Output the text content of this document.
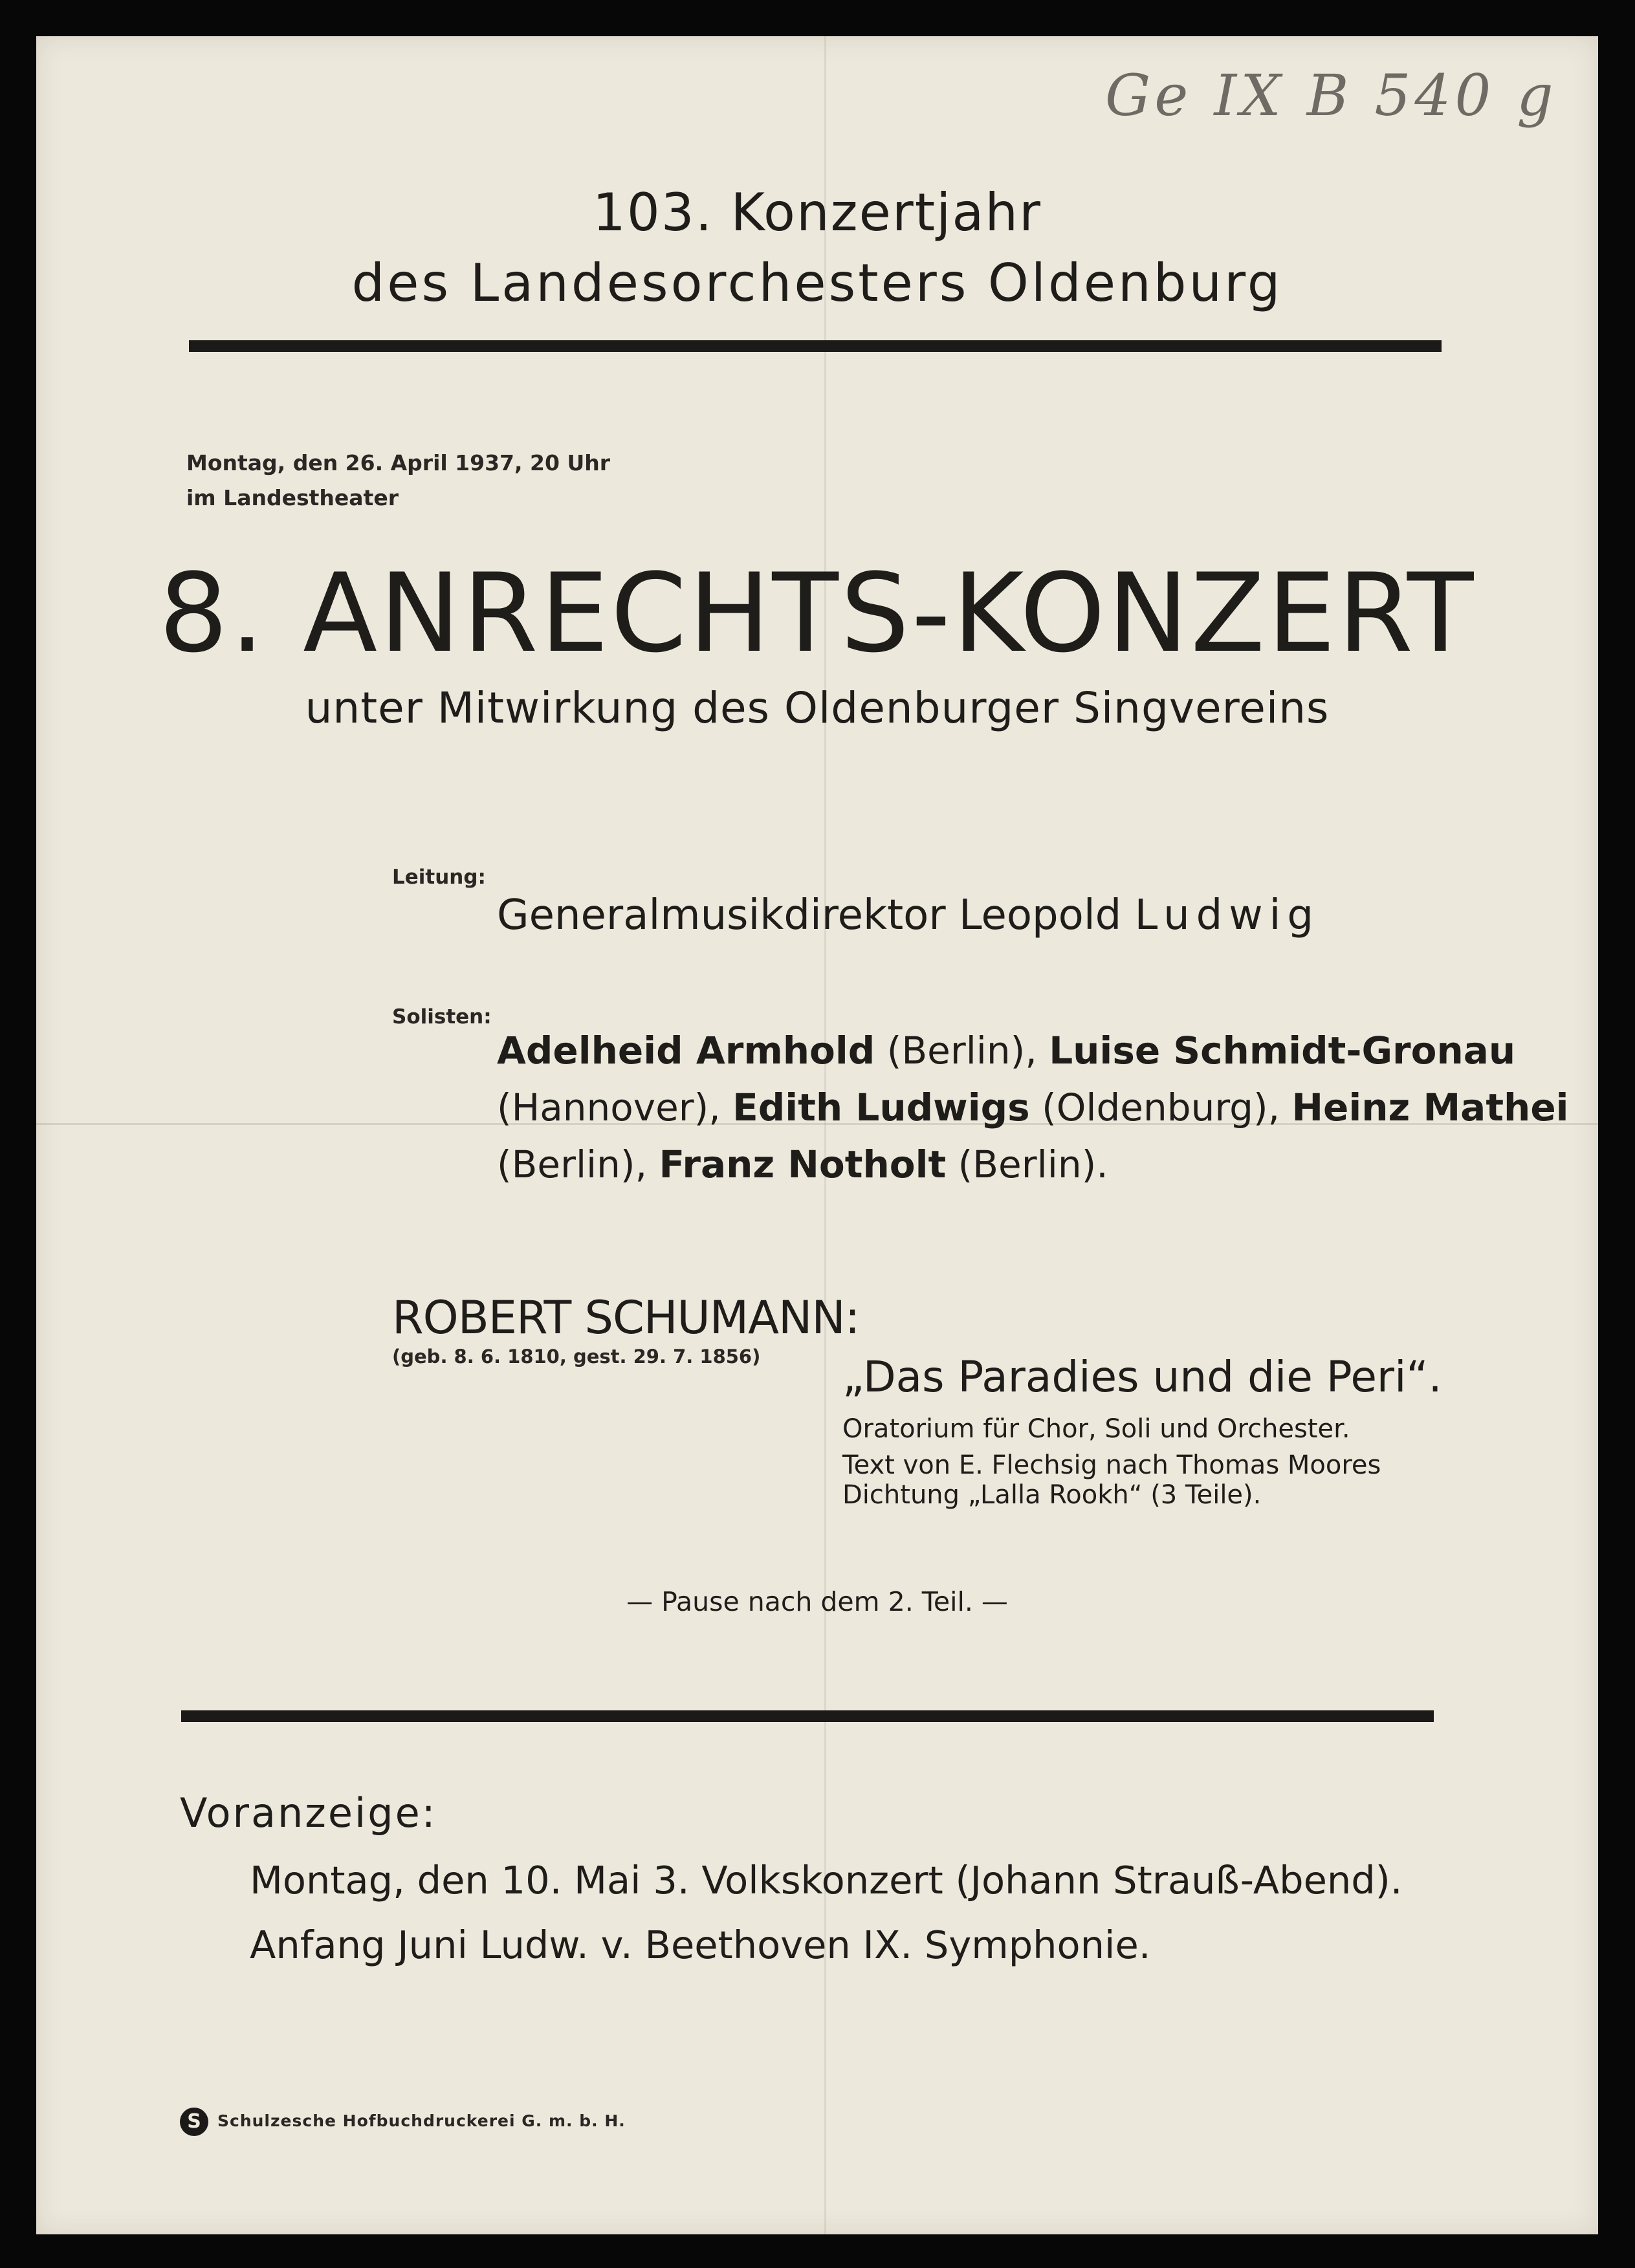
Ge IX B 540 g
103. Konzertjahr
des Landesorchesters Oldenburg
Montag, den 26. April 1937, 20 Uhr
im Landestheater
8. ANRECHTS-KONZERT
unter Mitwirkung des Oldenburger Singvereins
Leitung:
Generalmusikdirektor Leopold Ludwig
Solisten:
Adelheid Armhold (Berlin), Luise Schmidt-Gronau
(Hannover), Edith Ludwigs (Oldenburg), Heinz Mathei
(Berlin), Franz Notholt (Berlin).
ROBERT SCHUMANN:
(geb. 8. 6. 1810, gest. 29. 7. 1856) „Das Paradies und die Peri“.
Oratorium für Chor, Soli und Orchester.
Text von E. Flechsig nach Thomas Moores
Dichtung „Lalla Rookh“ (3 Teile).
— Pause nach dem 2. Teil. —
Voranzeige:
Montag, den 10. Mai 3. Volkskonzert (Johann Strauß-Abend).
Anfang Juni Ludw. v. Beethoven IX. Symphonie.
S	Schulzesche Hofbuchdruckerei G. m. b. H.
